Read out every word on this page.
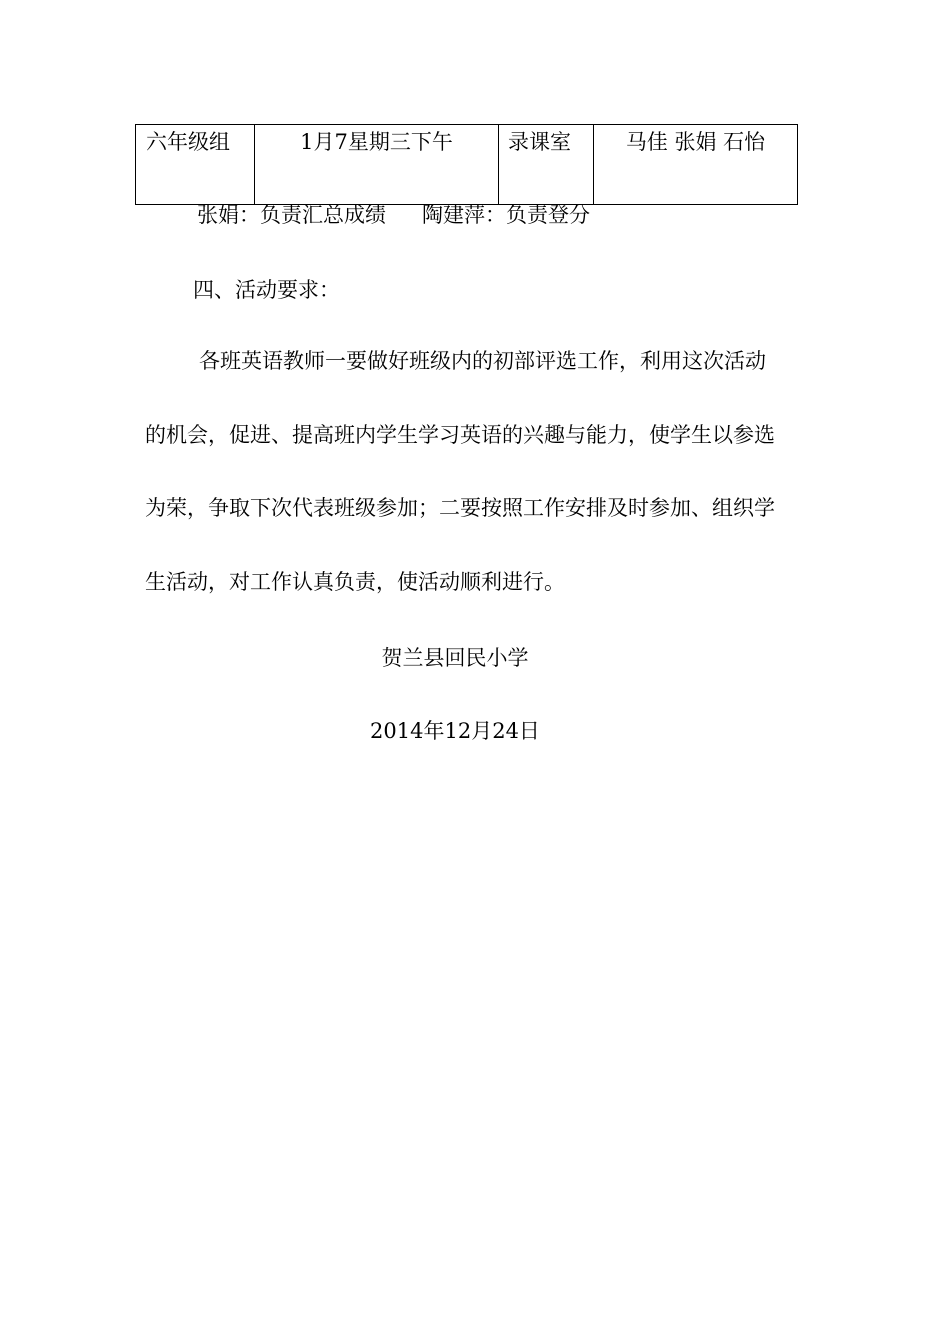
六年级组	1月7星期三下午	录课室	马佳 张娟 石怡
张娟：负责汇总成绩 陶建萍：负责登分
四、活动要求：
各班英语教师一要做好班级内的初部评选工作，利用这次活动
的机会，促进、提高班内学生学习英语的兴趣与能力，使学生以参选
为荣，争取下次代表班级参加；二要按照工作安排及时参加、组织学
生活动，对工作认真负责，使活动顺利进行。
贺兰县回民小学
2014年12月24日
